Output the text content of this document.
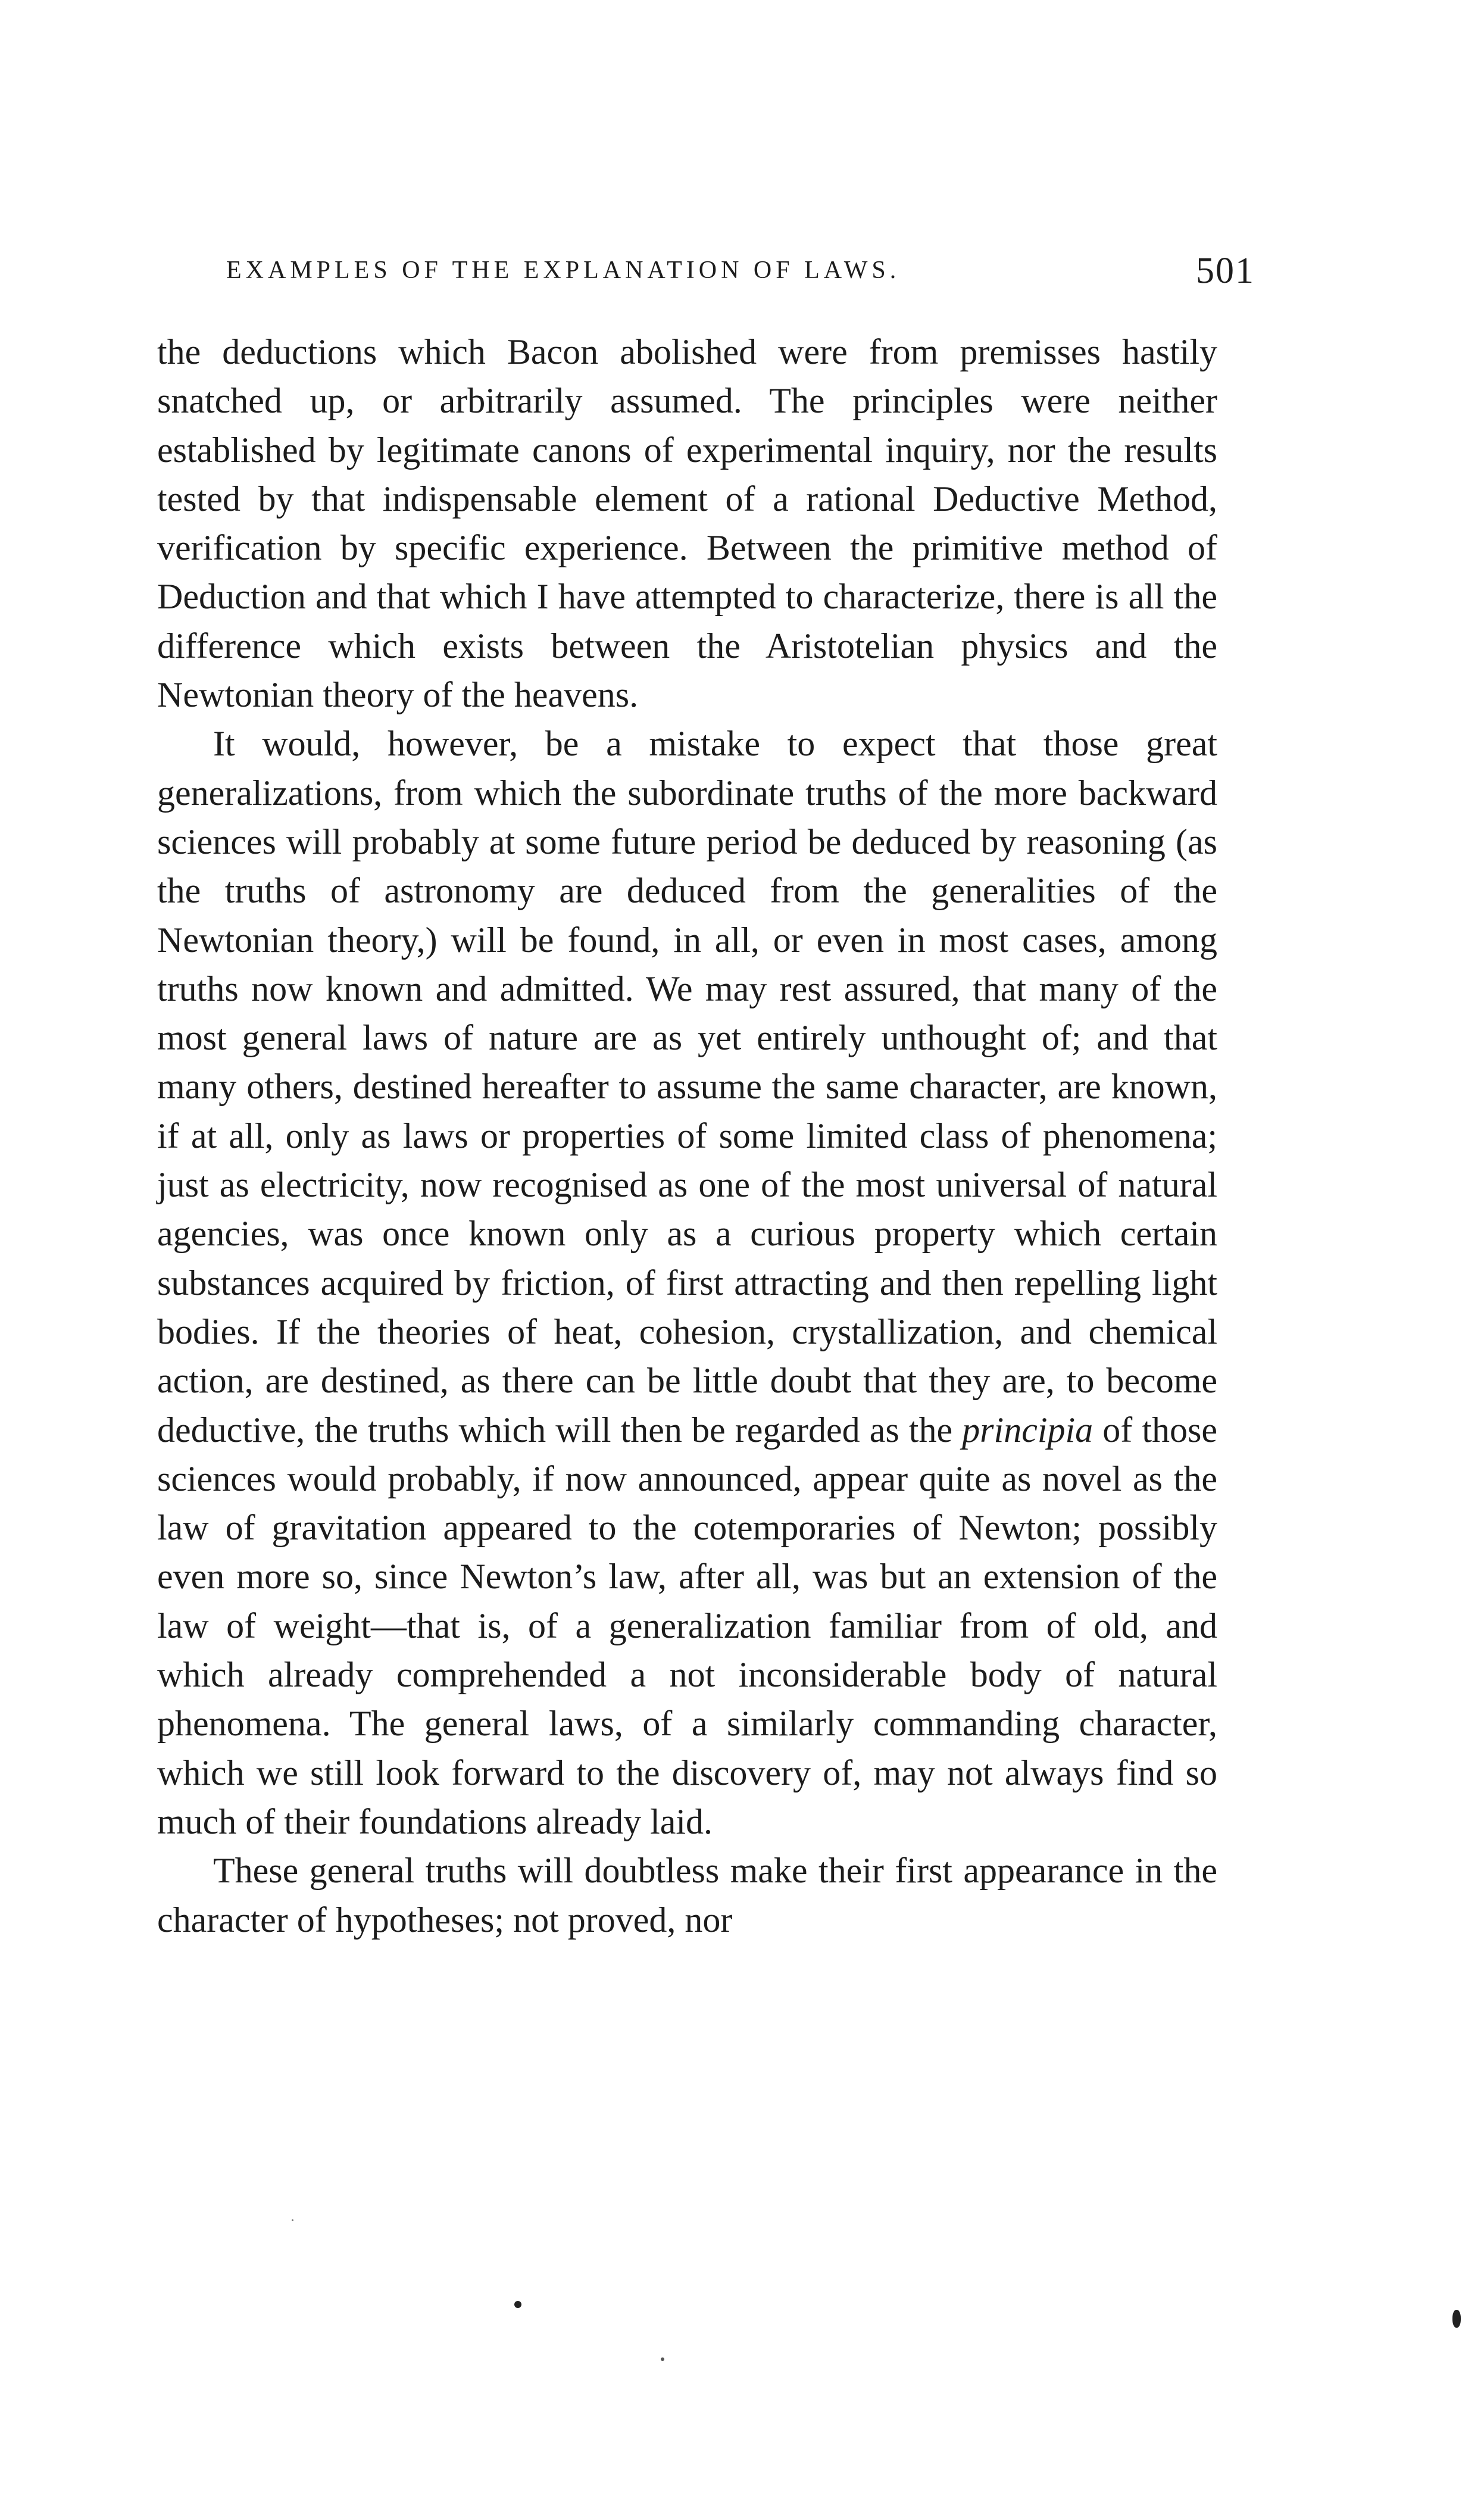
EXAMPLES OF THE EXPLANATION OF LAWS.	501

the deductions which Bacon abolished were from premisses hastily snatched up, or arbitrarily assumed. The principles were neither established by legitimate canons of experimental inquiry, nor the results tested by that indispensable element of a rational Deductive Method, verification by specific experience. Between the primitive method of Deduction and that which I have attempted to characterize, there is all the difference which exists between the Aristotelian physics and the Newtonian theory of the heavens.

It would, however, be a mistake to expect that those great generalizations, from which the subordinate truths of the more backward sciences will probably at some future period be deduced by reasoning (as the truths of astronomy are deduced from the generalities of the Newtonian theory,) will be found, in all, or even in most cases, among truths now known and admitted. We may rest assured, that many of the most general laws of nature are as yet entirely unthought of; and that many others, destined hereafter to assume the same character, are known, if at all, only as laws or properties of some limited class of phenomena; just as electricity, now recognised as one of the most universal of natural agencies, was once known only as a curious property which certain substances acquired by friction, of first attracting and then repelling light bodies. If the theories of heat, cohesion, crystallization, and chemical action, are destined, as there can be little doubt that they are, to become deductive, the truths which will then be regarded as the principia of those sciences would probably, if now announced, appear quite as novel as the law of gravitation appeared to the cotemporaries of Newton; possibly even more so, since Newton’s law, after all, was but an extension of the law of weight—that is, of a generalization familiar from of old, and which already comprehended a not inconsiderable body of natural phenomena. The general laws, of a similarly commanding character, which we still look forward to the discovery of, may not always find so much of their foundations already laid.

These general truths will doubtless make their first appearance in the character of hypotheses; not proved, nor
